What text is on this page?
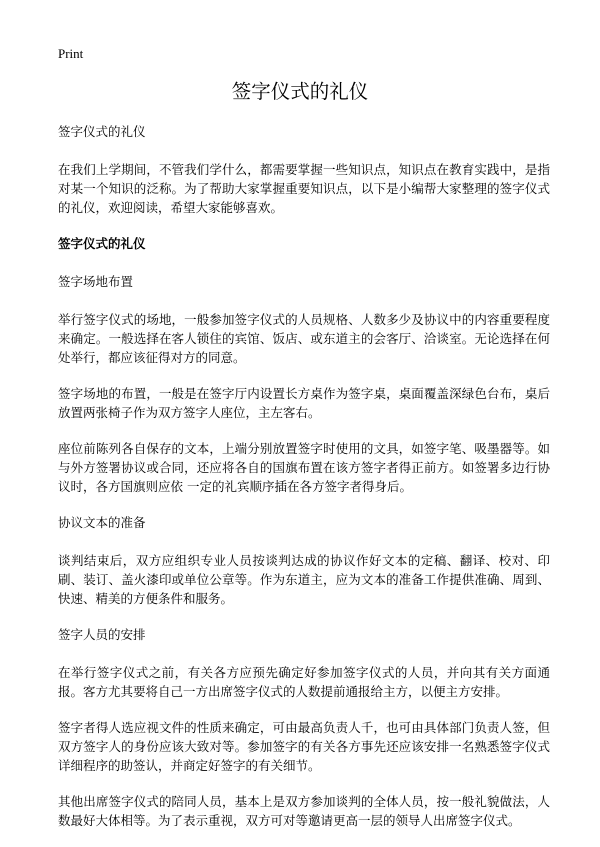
Print
签字仪式的礼仪
签字仪式的礼仪

在我们上学期间，不管我们学什么，都需要掌握一些知识点，知识点在教育实践中，是指对某一个知识的泛称。为了帮助大家掌握重要知识点，以下是小编帮大家整理的签字仪式的礼仪，欢迎阅读，希望大家能够喜欢。

签字仪式的礼仪
签字场地布置

举行签字仪式的场地，一般参加签字仪式的人员规格、人数多少及协议中的内容重要程度来确定。一般选择在客人锁住的宾馆、饭店、或东道主的会客厅、洽谈室。无论选择在何处举行，都应该征得对方的同意。

签字场地的布置，一般是在签字厅内设置长方桌作为签字桌，桌面覆盖深绿色台布，桌后放置两张椅子作为双方签字人座位，主左客右。

座位前陈列各自保存的文本，上端分别放置签字时使用的文具，如签字笔、吸墨器等。如与外方签署协议或合同，还应将各自的国旗布置在该方签字者得正前方。如签署多边行协议时，各方国旗则应依 一定的礼宾顺序插在各方签字者得身后。

协议文本的准备

谈判结束后，双方应组织专业人员按谈判达成的协议作好文本的定稿、翻译、校对、印刷、装订、盖火漆印或单位公章等。作为东道主，应为文本的准备工作提供准确、周到、快速、精美的方便条件和服务。

签字人员的安排

在举行签字仪式之前，有关各方应预先确定好参加签字仪式的人员，并向其有关方面通报。客方尤其要将自己一方出席签字仪式的人数提前通报给主方，以便主方安排。

签字者得人选应视文件的性质来确定，可由最高负责人千，也可由具体部门负责人签，但双方签字人的身份应该大致对等。参加签字的有关各方事先还应该安排一名熟悉签字仪式详细程序的助签认，并商定好签字的有关细节。

其他出席签字仪式的陪同人员，基本上是双方参加谈判的全体人员，按一般礼貌做法，人数最好大体相等。为了表示重视，双方可对等邀请更高一层的领导人出席签字仪式。
